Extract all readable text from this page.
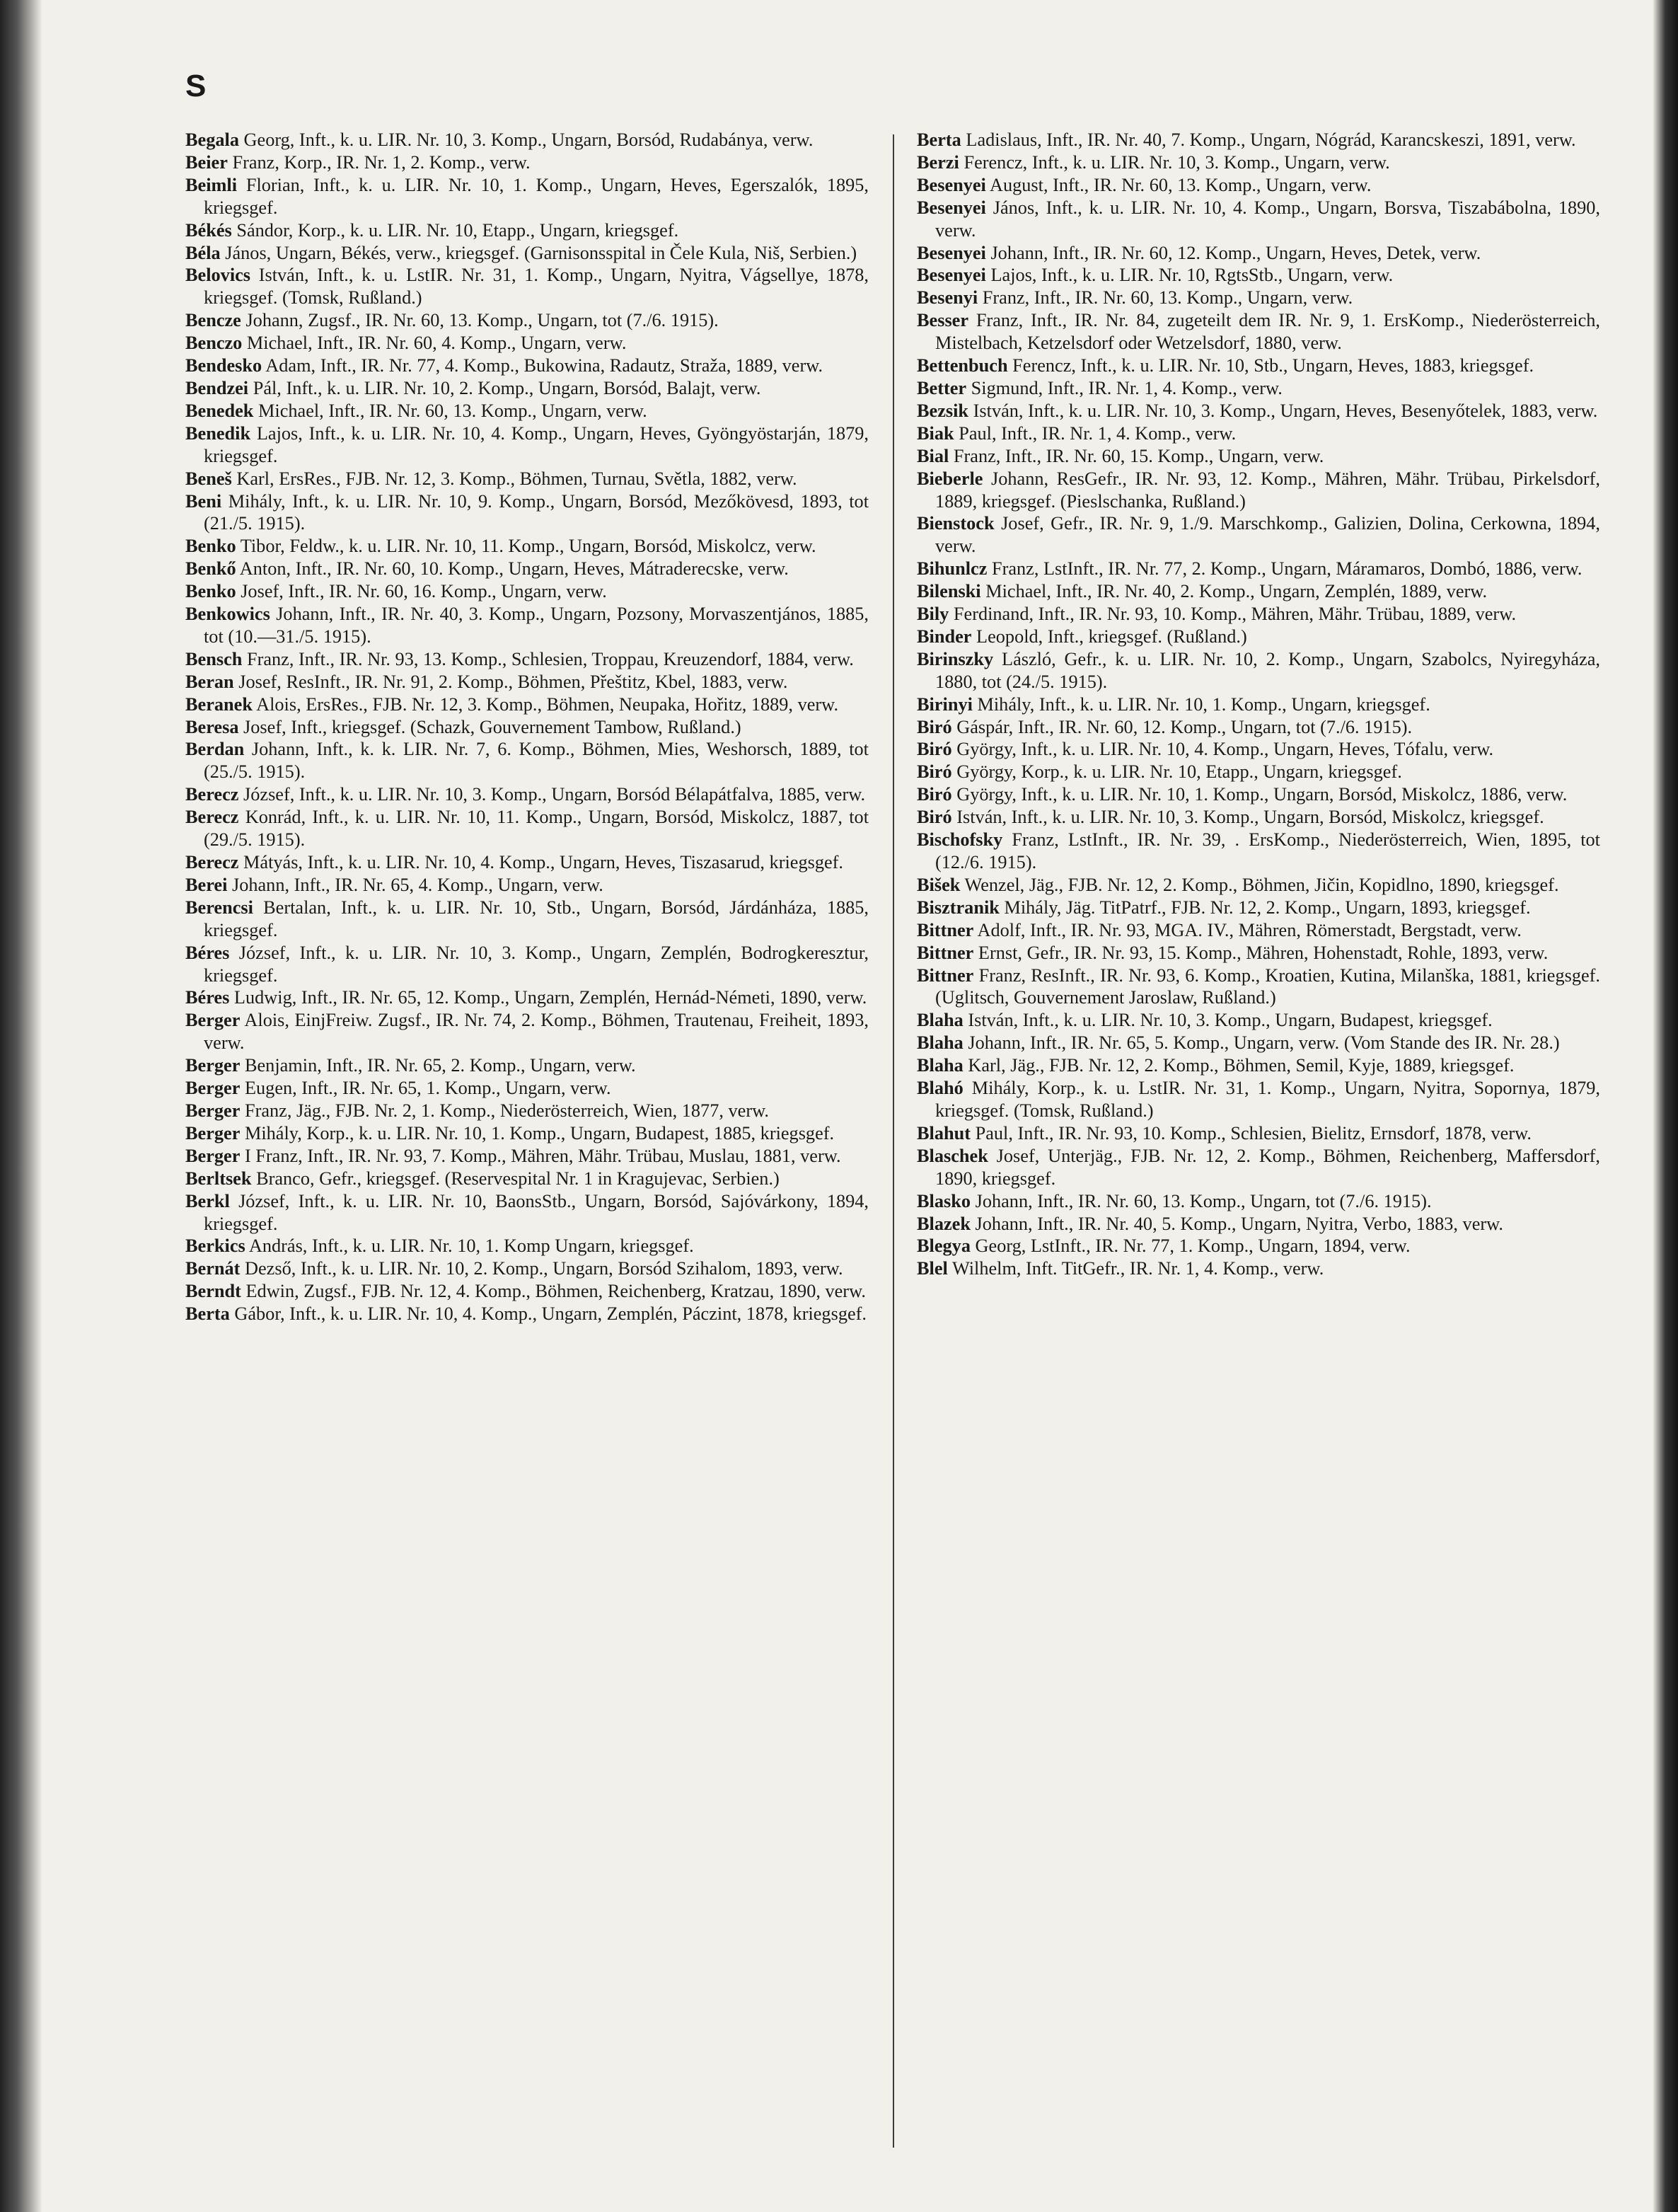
S

Begala Georg, Inft., k. u. LIR. Nr. 10, 3. Komp., Ungarn, Borsód, Rudabánya, verw.

Beier Franz, Korp., IR. Nr. 1, 2. Komp., verw.

Beimli Florian, Inft., k. u. LIR. Nr. 10, 1. Komp., Ungarn, Heves, Egerszalók, 1895, kriegsgef.

Békés Sándor, Korp., k. u. LIR. Nr. 10, Etapp., Ungarn, kriegsgef.

Béla János, Ungarn, Békés, verw., kriegsgef. (Garnisonsspital in Čele Kula, Niš, Serbien.)

Belovics István, Inft., k. u. LstIR. Nr. 31, 1. Komp., Ungarn, Nyitra, Vágsellye, 1878, kriegsgef. (Tomsk, Rußland.)

Bencze Johann, Zugsf., IR. Nr. 60, 13. Komp., Ungarn, tot (7./6. 1915).

Benczo Michael, Inft., IR. Nr. 60, 4. Komp., Ungarn, verw.

Bendesko Adam, Inft., IR. Nr. 77, 4. Komp., Bukowina, Radautz, Straža, 1889, verw.

Bendzei Pál, Inft., k. u. LIR. Nr. 10, 2. Komp., Ungarn, Borsód, Balajt, verw.

Benedek Michael, Inft., IR. Nr. 60, 13. Komp., Ungarn, verw.

Benedik Lajos, Inft., k. u. LIR. Nr. 10, 4. Komp., Ungarn, Heves, Gyöngyöstarján, 1879, kriegsgef.

Beneš Karl, ErsRes., FJB. Nr. 12, 3. Komp., Böhmen, Turnau, Světla, 1882, verw.

Beni Mihály, Inft., k. u. LIR. Nr. 10, 9. Komp., Ungarn, Borsód, Mezőkövesd, 1893, tot (21./5. 1915).

Benko Tibor, Feldw., k. u. LIR. Nr. 10, 11. Komp., Ungarn, Borsód, Miskolcz, verw.

Benkő Anton, Inft., IR. Nr. 60, 10. Komp., Ungarn, Heves, Mátraderecske, verw.

Benko Josef, Inft., IR. Nr. 60, 16. Komp., Ungarn, verw.

Benkowics Johann, Inft., IR. Nr. 40, 3. Komp., Ungarn, Pozsony, Morvaszentjános, 1885, tot (10.—31./5. 1915).

Bensch Franz, Inft., IR. Nr. 93, 13. Komp., Schlesien, Troppau, Kreuzendorf, 1884, verw.

Beran Josef, ResInft., IR. Nr. 91, 2. Komp., Böhmen, Přeštitz, Kbel, 1883, verw.

Beranek Alois, ErsRes., FJB. Nr. 12, 3. Komp., Böhmen, Neupaka, Hořitz, 1889, verw.

Beresa Josef, Inft., kriegsgef. (Schazk, Gouvernement Tambow, Rußland.)

Berdan Johann, Inft., k. k. LIR. Nr. 7, 6. Komp., Böhmen, Mies, Weshorsch, 1889, tot (25./5. 1915).

Berecz József, Inft., k. u. LIR. Nr. 10, 3. Komp., Ungarn, Borsód Bélapátfalva, 1885, verw.

Berecz Konrád, Inft., k. u. LIR. Nr. 10, 11. Komp., Ungarn, Borsód, Miskolcz, 1887, tot (29./5. 1915).

Berecz Mátyás, Inft., k. u. LIR. Nr. 10, 4. Komp., Ungarn, Heves, Tiszasarud, kriegsgef.

Berei Johann, Inft., IR. Nr. 65, 4. Komp., Ungarn, verw.

Berencsi Bertalan, Inft., k. u. LIR. Nr. 10, Stb., Ungarn, Borsód, Járdánháza, 1885, kriegsgef.

Béres József, Inft., k. u. LIR. Nr. 10, 3. Komp., Ungarn, Zemplén, Bodrogkeresztur, kriegsgef.

Béres Ludwig, Inft., IR. Nr. 65, 12. Komp., Ungarn, Zemplén, Hernád-Németi, 1890, verw.

Berger Alois, EinjFreiw. Zugsf., IR. Nr. 74, 2. Komp., Böhmen, Trautenau, Freiheit, 1893, verw.

Berger Benjamin, Inft., IR. Nr. 65, 2. Komp., Ungarn, verw.

Berger Eugen, Inft., IR. Nr. 65, 1. Komp., Ungarn, verw.

Berger Franz, Jäg., FJB. Nr. 2, 1. Komp., Niederösterreich, Wien, 1877, verw.

Berger Mihály, Korp., k. u. LIR. Nr. 10, 1. Komp., Ungarn, Budapest, 1885, kriegsgef.

Berger I Franz, Inft., IR. Nr. 93, 7. Komp., Mähren, Mähr. Trübau, Muslau, 1881, verw.

Berltsek Branco, Gefr., kriegsgef. (Reservespital Nr. 1 in Kragujevac, Serbien.)

Berkl József, Inft., k. u. LIR. Nr. 10, BaonsStb., Ungarn, Borsód, Sajóvárkony, 1894, kriegsgef.

Berkics András, Inft., k. u. LIR. Nr. 10, 1. Komp Ungarn, kriegsgef.

Bernát Dezső, Inft., k. u. LIR. Nr. 10, 2. Komp., Ungarn, Borsód Szihalom, 1893, verw.

Berndt Edwin, Zugsf., FJB. Nr. 12, 4. Komp., Böhmen, Reichenberg, Kratzau, 1890, verw.

Berta Gábor, Inft., k. u. LIR. Nr. 10, 4. Komp., Ungarn, Zemplén, Páczint, 1878, kriegsgef.

Berta Ladislaus, Inft., IR. Nr. 40, 7. Komp., Ungarn, Nógrád, Karancskeszi, 1891, verw.

Berzi Ferencz, Inft., k. u. LIR. Nr. 10, 3. Komp., Ungarn, verw.

Besenyei August, Inft., IR. Nr. 60, 13. Komp., Ungarn, verw.

Besenyei János, Inft., k. u. LIR. Nr. 10, 4. Komp., Ungarn, Borsva, Tiszabábolna, 1890, verw.

Besenyei Johann, Inft., IR. Nr. 60, 12. Komp., Ungarn, Heves, Detek, verw.

Besenyei Lajos, Inft., k. u. LIR. Nr. 10, RgtsStb., Ungarn, verw.

Besenyi Franz, Inft., IR. Nr. 60, 13. Komp., Ungarn, verw.

Besser Franz, Inft., IR. Nr. 84, zugeteilt dem IR. Nr. 9, 1. ErsKomp., Niederösterreich, Mistelbach, Ketzelsdorf oder Wetzelsdorf, 1880, verw.

Bettenbuch Ferencz, Inft., k. u. LIR. Nr. 10, Stb., Ungarn, Heves, 1883, kriegsgef.

Better Sigmund, Inft., IR. Nr. 1, 4. Komp., verw.

Bezsik István, Inft., k. u. LIR. Nr. 10, 3. Komp., Ungarn, Heves, Besenyőtelek, 1883, verw.

Biak Paul, Inft., IR. Nr. 1, 4. Komp., verw.

Bial Franz, Inft., IR. Nr. 60, 15. Komp., Ungarn, verw.

Bieberle Johann, ResGefr., IR. Nr. 93, 12. Komp., Mähren, Mähr. Trübau, Pirkelsdorf, 1889, kriegsgef. (Pieslschanka, Rußland.)

Bienstock Josef, Gefr., IR. Nr. 9, 1./9. Marschkomp., Galizien, Dolina, Cerkowna, 1894, verw.

Bihunlcz Franz, LstInft., IR. Nr. 77, 2. Komp., Ungarn, Máramaros, Dombó, 1886, verw.

Bilenski Michael, Inft., IR. Nr. 40, 2. Komp., Ungarn, Zemplén, 1889, verw.

Bily Ferdinand, Inft., IR. Nr. 93, 10. Komp., Mähren, Mähr. Trübau, 1889, verw.

Binder Leopold, Inft., kriegsgef. (Rußland.)

Birinszky László, Gefr., k. u. LIR. Nr. 10, 2. Komp., Ungarn, Szabolcs, Nyiregyháza, 1880, tot (24./5. 1915).

Birinyi Mihály, Inft., k. u. LIR. Nr. 10, 1. Komp., Ungarn, kriegsgef.

Biró Gáspár, Inft., IR. Nr. 60, 12. Komp., Ungarn, tot (7./6. 1915).

Biró György, Inft., k. u. LIR. Nr. 10, 4. Komp., Ungarn, Heves, Tófalu, verw.

Biró György, Korp., k. u. LIR. Nr. 10, Etapp., Ungarn, kriegsgef.

Biró György, Inft., k. u. LIR. Nr. 10, 1. Komp., Ungarn, Borsód, Miskolcz, 1886, verw.

Biró István, Inft., k. u. LIR. Nr. 10, 3. Komp., Ungarn, Borsód, Miskolcz, kriegsgef.

Bischofsky Franz, LstInft., IR. Nr. 39, . ErsKomp., Niederösterreich, Wien, 1895, tot (12./6. 1915).

Bišek Wenzel, Jäg., FJB. Nr. 12, 2. Komp., Böhmen, Jičin, Kopidlno, 1890, kriegsgef.

Bisztranik Mihály, Jäg. TitPatrf., FJB. Nr. 12, 2. Komp., Ungarn, 1893, kriegsgef.

Bittner Adolf, Inft., IR. Nr. 93, MGA. IV., Mähren, Römerstadt, Bergstadt, verw.

Bittner Ernst, Gefr., IR. Nr. 93, 15. Komp., Mähren, Hohenstadt, Rohle, 1893, verw.

Bittner Franz, ResInft., IR. Nr. 93, 6. Komp., Kroatien, Kutina, Milanška, 1881, kriegsgef. (Uglitsch, Gouvernement Jaroslaw, Rußland.)

Blaha István, Inft., k. u. LIR. Nr. 10, 3. Komp., Ungarn, Budapest, kriegsgef.

Blaha Johann, Inft., IR. Nr. 65, 5. Komp., Ungarn, verw. (Vom Stande des IR. Nr. 28.)

Blaha Karl, Jäg., FJB. Nr. 12, 2. Komp., Böhmen, Semil, Kyje, 1889, kriegsgef.

Blahó Mihály, Korp., k. u. LstIR. Nr. 31, 1. Komp., Ungarn, Nyitra, Sopornya, 1879, kriegsgef. (Tomsk, Rußland.)

Blahut Paul, Inft., IR. Nr. 93, 10. Komp., Schlesien, Bielitz, Ernsdorf, 1878, verw.

Blaschek Josef, Unterjäg., FJB. Nr. 12, 2. Komp., Böhmen, Reichenberg, Maffersdorf, 1890, kriegsgef.

Blasko Johann, Inft., IR. Nr. 60, 13. Komp., Ungarn, tot (7./6. 1915).

Blazek Johann, Inft., IR. Nr. 40, 5. Komp., Ungarn, Nyitra, Verbo, 1883, verw.

Blegya Georg, LstInft., IR. Nr. 77, 1. Komp., Ungarn, 1894, verw.

Blel Wilhelm, Inft. TitGefr., IR. Nr. 1, 4. Komp., verw.
